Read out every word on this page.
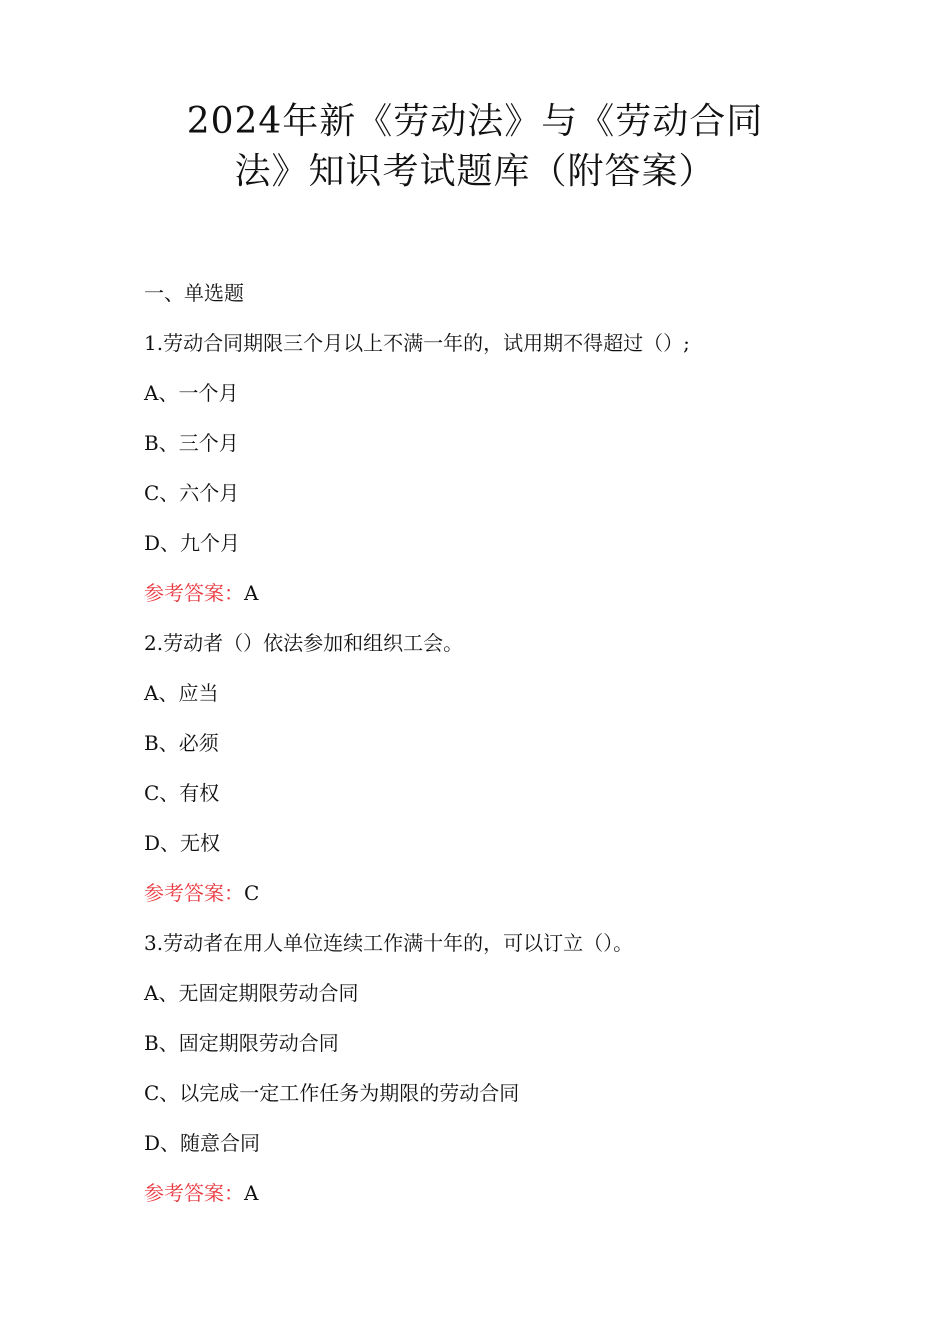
2024年新《劳动法》与《劳动合同
法》知识考试题库（附答案）
一、单选题
1.劳动合同期限三个月以上不满一年的，试用期不得超过（）;
A、一个月
B、三个月
C、六个月
D、九个月
参考答案：A
2.劳动者（）依法参加和组织工会。
A、应当
B、必须
C、有权
D、无权
参考答案：C
3.劳动者在用人单位连续工作满十年的，可以订立（）。
A、无固定期限劳动合同
B、固定期限劳动合同
C、以完成一定工作任务为期限的劳动合同
D、随意合同
参考答案：A
